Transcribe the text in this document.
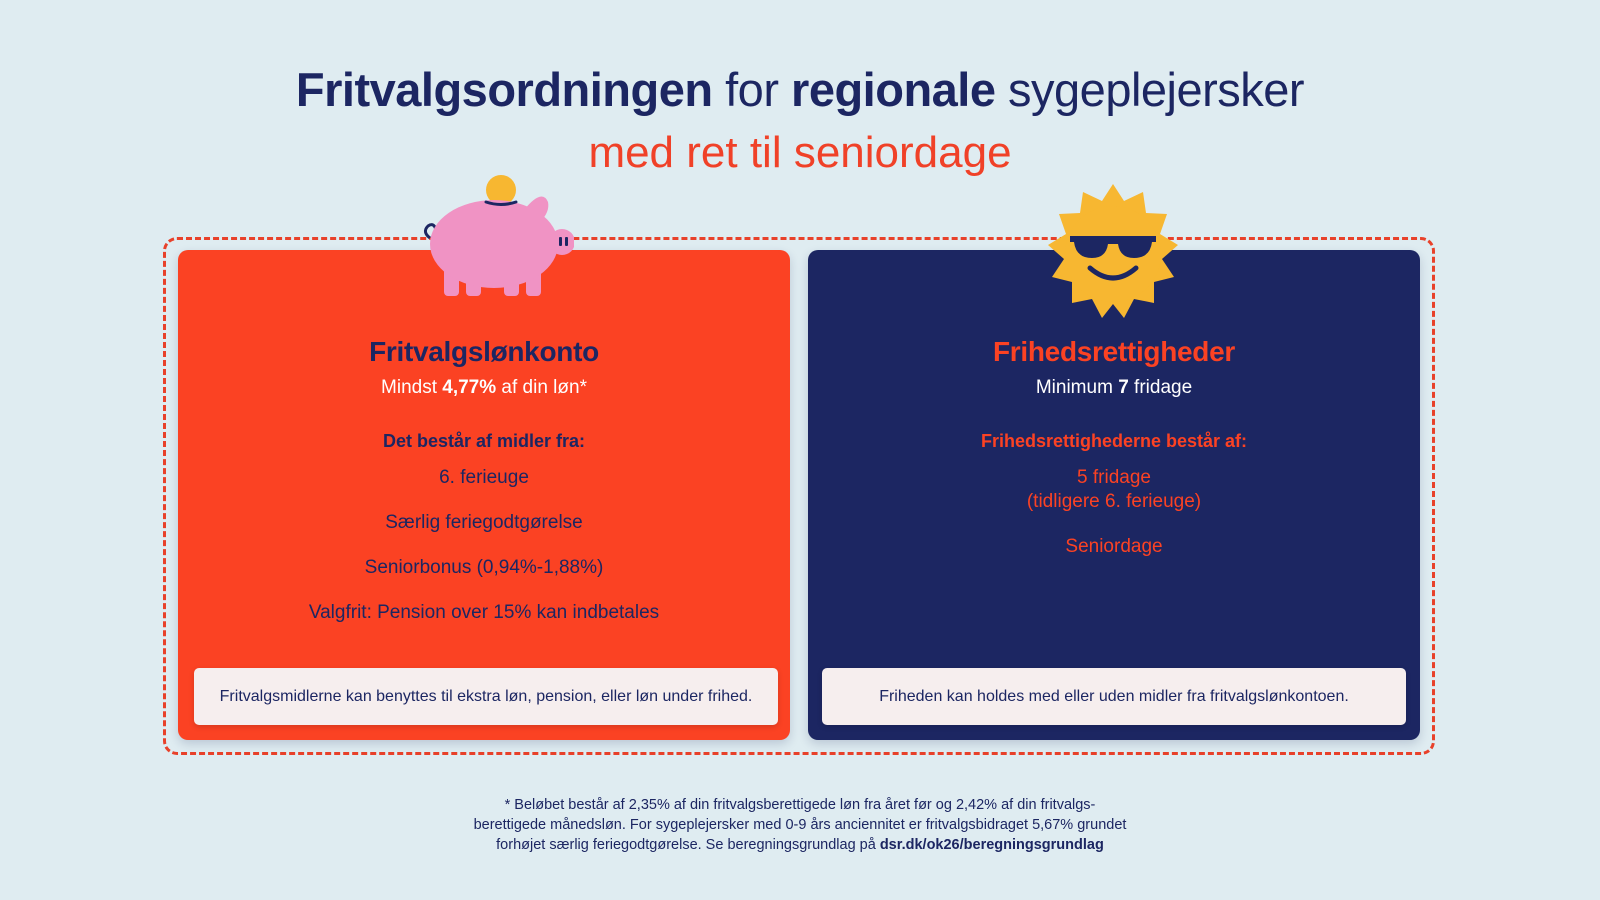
Fritvalgsordningen for regionale sygeplejersker
med ret til seniordage
Fritvalgslønkonto
Mindst 4,77% af din løn*
Det består af midler fra:
6. ferieuge
Særlig feriegodtgørelse
Seniorbonus (0,94%-1,88%)
Valgfrit: Pension over 15% kan indbetales
Fritvalgsmidlerne kan benyttes til ekstra løn, pension, eller løn under frihed.
Frihedsrettigheder
Minimum 7 fridage
Frihedsrettighederne består af:
5 fridage
(tidligere 6. ferieuge)
Seniordage
Friheden kan holdes med eller uden midler fra fritvalgslønkontoen.
* Beløbet består af 2,35% af din fritvalgsberettigede løn fra året før og 2,42% af din fritvalgs-
berettigede månedsløn. For sygeplejersker med 0-9 års anciennitet er fritvalgsbidraget 5,67% grundet
forhøjet særlig feriegodtgørelse. Se beregningsgrundlag på dsr.dk/ok26/beregningsgrundlag
